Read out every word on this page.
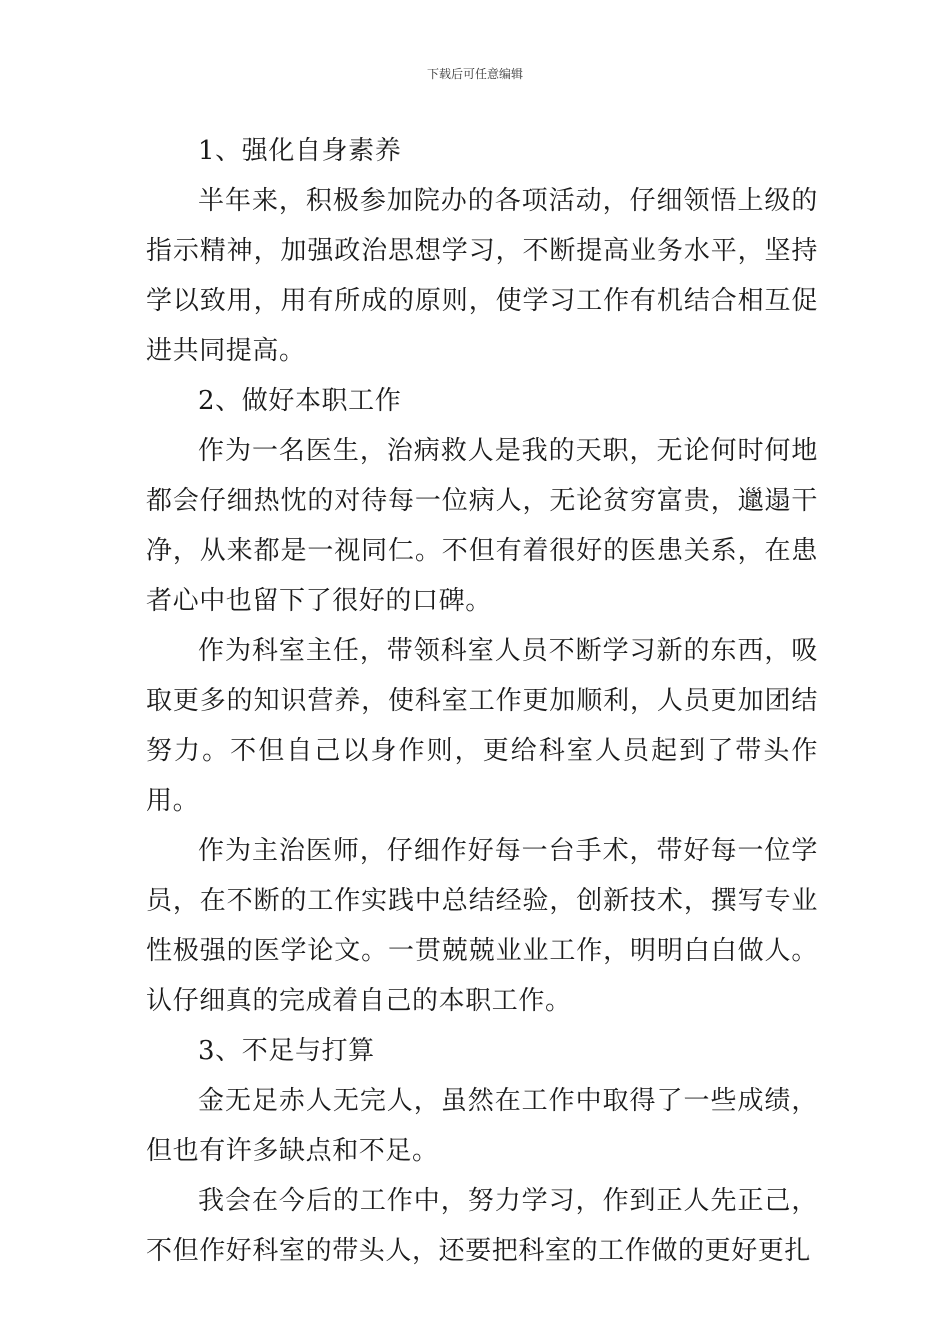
下载后可任意编辑

1、强化自身素养

半年来，积极参加院办的各项活动，仔细领悟上级的指示精神，加强政治思想学习，不断提高业务水平，坚持学以致用，用有所成的原则，使学习工作有机结合相互促进共同提高。

2、做好本职工作

作为一名医生，治病救人是我的天职，无论何时何地都会仔细热忱的对待每一位病人，无论贫穷富贵，邋遢干净，从来都是一视同仁。不但有着很好的医患关系，在患者心中也留下了很好的口碑。

作为科室主任，带领科室人员不断学习新的东西，吸取更多的知识营养，使科室工作更加顺利，人员更加团结努力。不但自己以身作则，更给科室人员起到了带头作用。

作为主治医师，仔细作好每一台手术，带好每一位学员，在不断的工作实践中总结经验，创新技术，撰写专业性极强的医学论文。一贯兢兢业业工作，明明白白做人。认仔细真的完成着自己的本职工作。

3、不足与打算

金无足赤人无完人，虽然在工作中取得了一些成绩，但也有许多缺点和不足。

我会在今后的工作中，努力学习，作到正人先正己，不但作好科室的带头人，还要把科室的工作做的更好更扎
